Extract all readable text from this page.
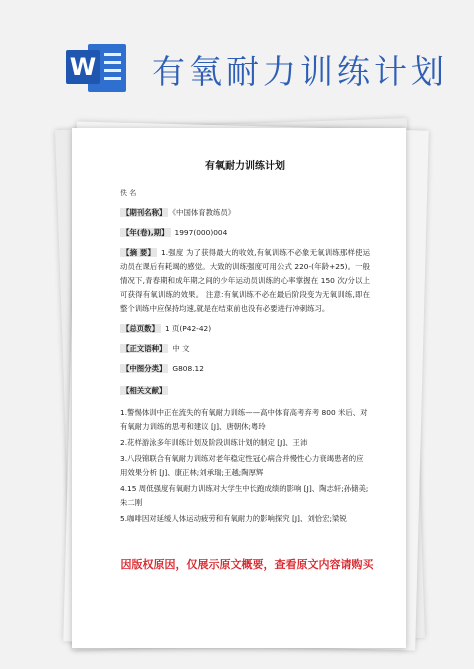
W 有氧耐力训练计划
有氧耐力训练计划
佚 名
【期刊名称】 《中国体育教练员》
【年(卷),期】 1997(000)004

【摘 要】 1.强度 为了获得最大的收效,有氧训练不必象无氧训练那样使运动员在课后有耗竭的感觉。大致的训练强度可用公式 220-(年龄+25)。一般情况下,青春期和成年期之间的少年运动员训练的心率掌握在 150 次/分以上可获得有氧训练的效果。 注意:有氧训练不必在最后阶段变为无氧训练,即在整个训练中应保持均速,就是在结束前也没有必要进行冲刺练习。

【总页数】 1 页(P42-42)
【正文语种】 中 文
【中图分类】 G808.12
【相关文献】

1.警惕体训中正在流失的有氧耐力训练——高中体育高考弃考 800 米后、对有氧耐力训练的思考和建议 [J]、唐朝休;粤玲

2.花样游泳多年训练计划及阶段训练计划的制定 [J]、王沛

3.八段锦联合有氧耐力训练对老年稳定性冠心病合并慢性心力衰竭患者的应用效果分析 [J]、康正林;刘承瑞;王越;陶厚辉

4.15 周低强度有氧耐力训练对大学生中长跑成绩的影响 [J]、陶志轩;孙储美;朱二刚

5.咖啡因对延缓人体运动疲劳和有氧耐力的影响探究 [J]、刘恰宏;梁锐

因版权原因，仅展示原文概要，查看原文内容请购买
